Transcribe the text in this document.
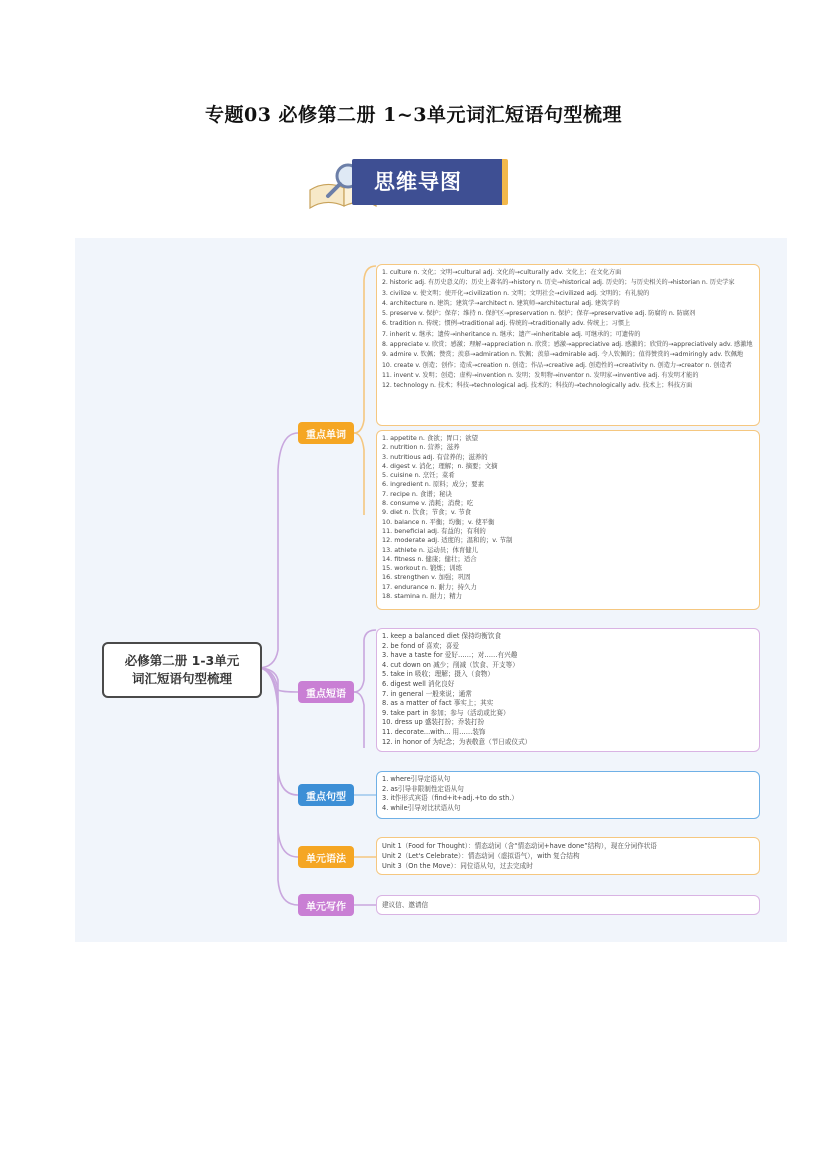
专题03 必修第二册 1~3单元词汇短语句型梳理
思维导图
必修第二册 1-3单元
词汇短语句型梳理
重点单词
重点短语
重点句型
单元语法
单元写作
1. culture n. 文化；文明→cultural adj. 文化的→culturally adv. 文化上；在文化方面
2. historic adj. 有历史意义的；历史上著名的→history n. 历史→historical adj. 历史的；与历史相关的→historian n. 历史学家
3. civilize v. 使文明；使开化→civilization n. 文明；文明社会→civilized adj. 文明的；有礼貌的
4. architecture n. 建筑；建筑学→architect n. 建筑师→architectural adj. 建筑学的
5. preserve v. 保护；保存；维持 n. 保护区→preservation n. 保护；保存→preservative adj. 防腐的 n. 防腐剂
6. tradition n. 传统；惯例→traditional adj. 传统的→traditionally adv. 传统上；习惯上
7. inherit v. 继承；遗传→inheritance n. 继承；遗产→inheritable adj. 可继承的；可遗传的
8. appreciate v. 欣赏；感激；理解→appreciation n. 欣赏；感激→appreciative adj. 感激的；欣赏的→appreciatively adv. 感激地
9. admire v. 钦佩；赞赏；羡慕→admiration n. 钦佩；羡慕→admirable adj. 令人钦佩的；值得赞赏的→admiringly adv. 钦佩地
10. create v. 创造；创作；造成→creation n. 创造；作品→creative adj. 创造性的→creativity n. 创造力→creator n. 创造者
11. invent v. 发明；创造；虚构→invention n. 发明；发明物→inventor n. 发明家→inventive adj. 有发明才能的
12. technology n. 技术；科技→technological adj. 技术的；科技的→technologically adv. 技术上；科技方面
1. appetite n. 食欲；胃口；欲望
2. nutrition n. 营养；滋养
3. nutritious adj. 有营养的；滋养的
4. digest v. 消化；理解；n. 摘要；文摘
5. cuisine n. 烹饪；菜肴
6. ingredient n. 原料；成分；要素
7. recipe n. 食谱；秘诀
8. consume v. 消耗；消费；吃
9. diet n. 饮食；节食；v. 节食
10. balance n. 平衡；均衡；v. 使平衡
11. beneficial adj. 有益的；有利的
12. moderate adj. 适度的；温和的；v. 节制
13. athlete n. 运动员；体育健儿
14. fitness n. 健康；健壮；适合
15. workout n. 锻炼；训练
16. strengthen v. 加强；巩固
17. endurance n. 耐力；持久力
18. stamina n. 耐力；精力
1. keep a balanced diet 保持均衡饮食
2. be fond of 喜欢；喜爱
3. have a taste for 爱好……；对……有兴趣
4. cut down on 减少；削减（饮食、开支等）
5. take in 吸收；理解；摄入（食物）
6. digest well 消化良好
7. in general 一般来说；通常
8. as a matter of fact 事实上；其实
9. take part in 参加；参与（活动或比赛）
10. dress up 盛装打扮；乔装打扮
11. decorate...with... 用……装饰
12. in honor of 为纪念；为表敬意（节日或仪式）
1. where引导定语从句
2. as引导非限制性定语从句
3. it作形式宾语（find+it+adj.+to do sth.）
4. while引导对比状语从句
Unit 1（Food for Thought）：情态动词（含“情态动词+have done”结构），现在分词作状语
Unit 2（Let's Celebrate）：情态动词（虚拟语气），with 复合结构
Unit 3（On the Move）：同位语从句，过去完成时
建议信、邀请信
